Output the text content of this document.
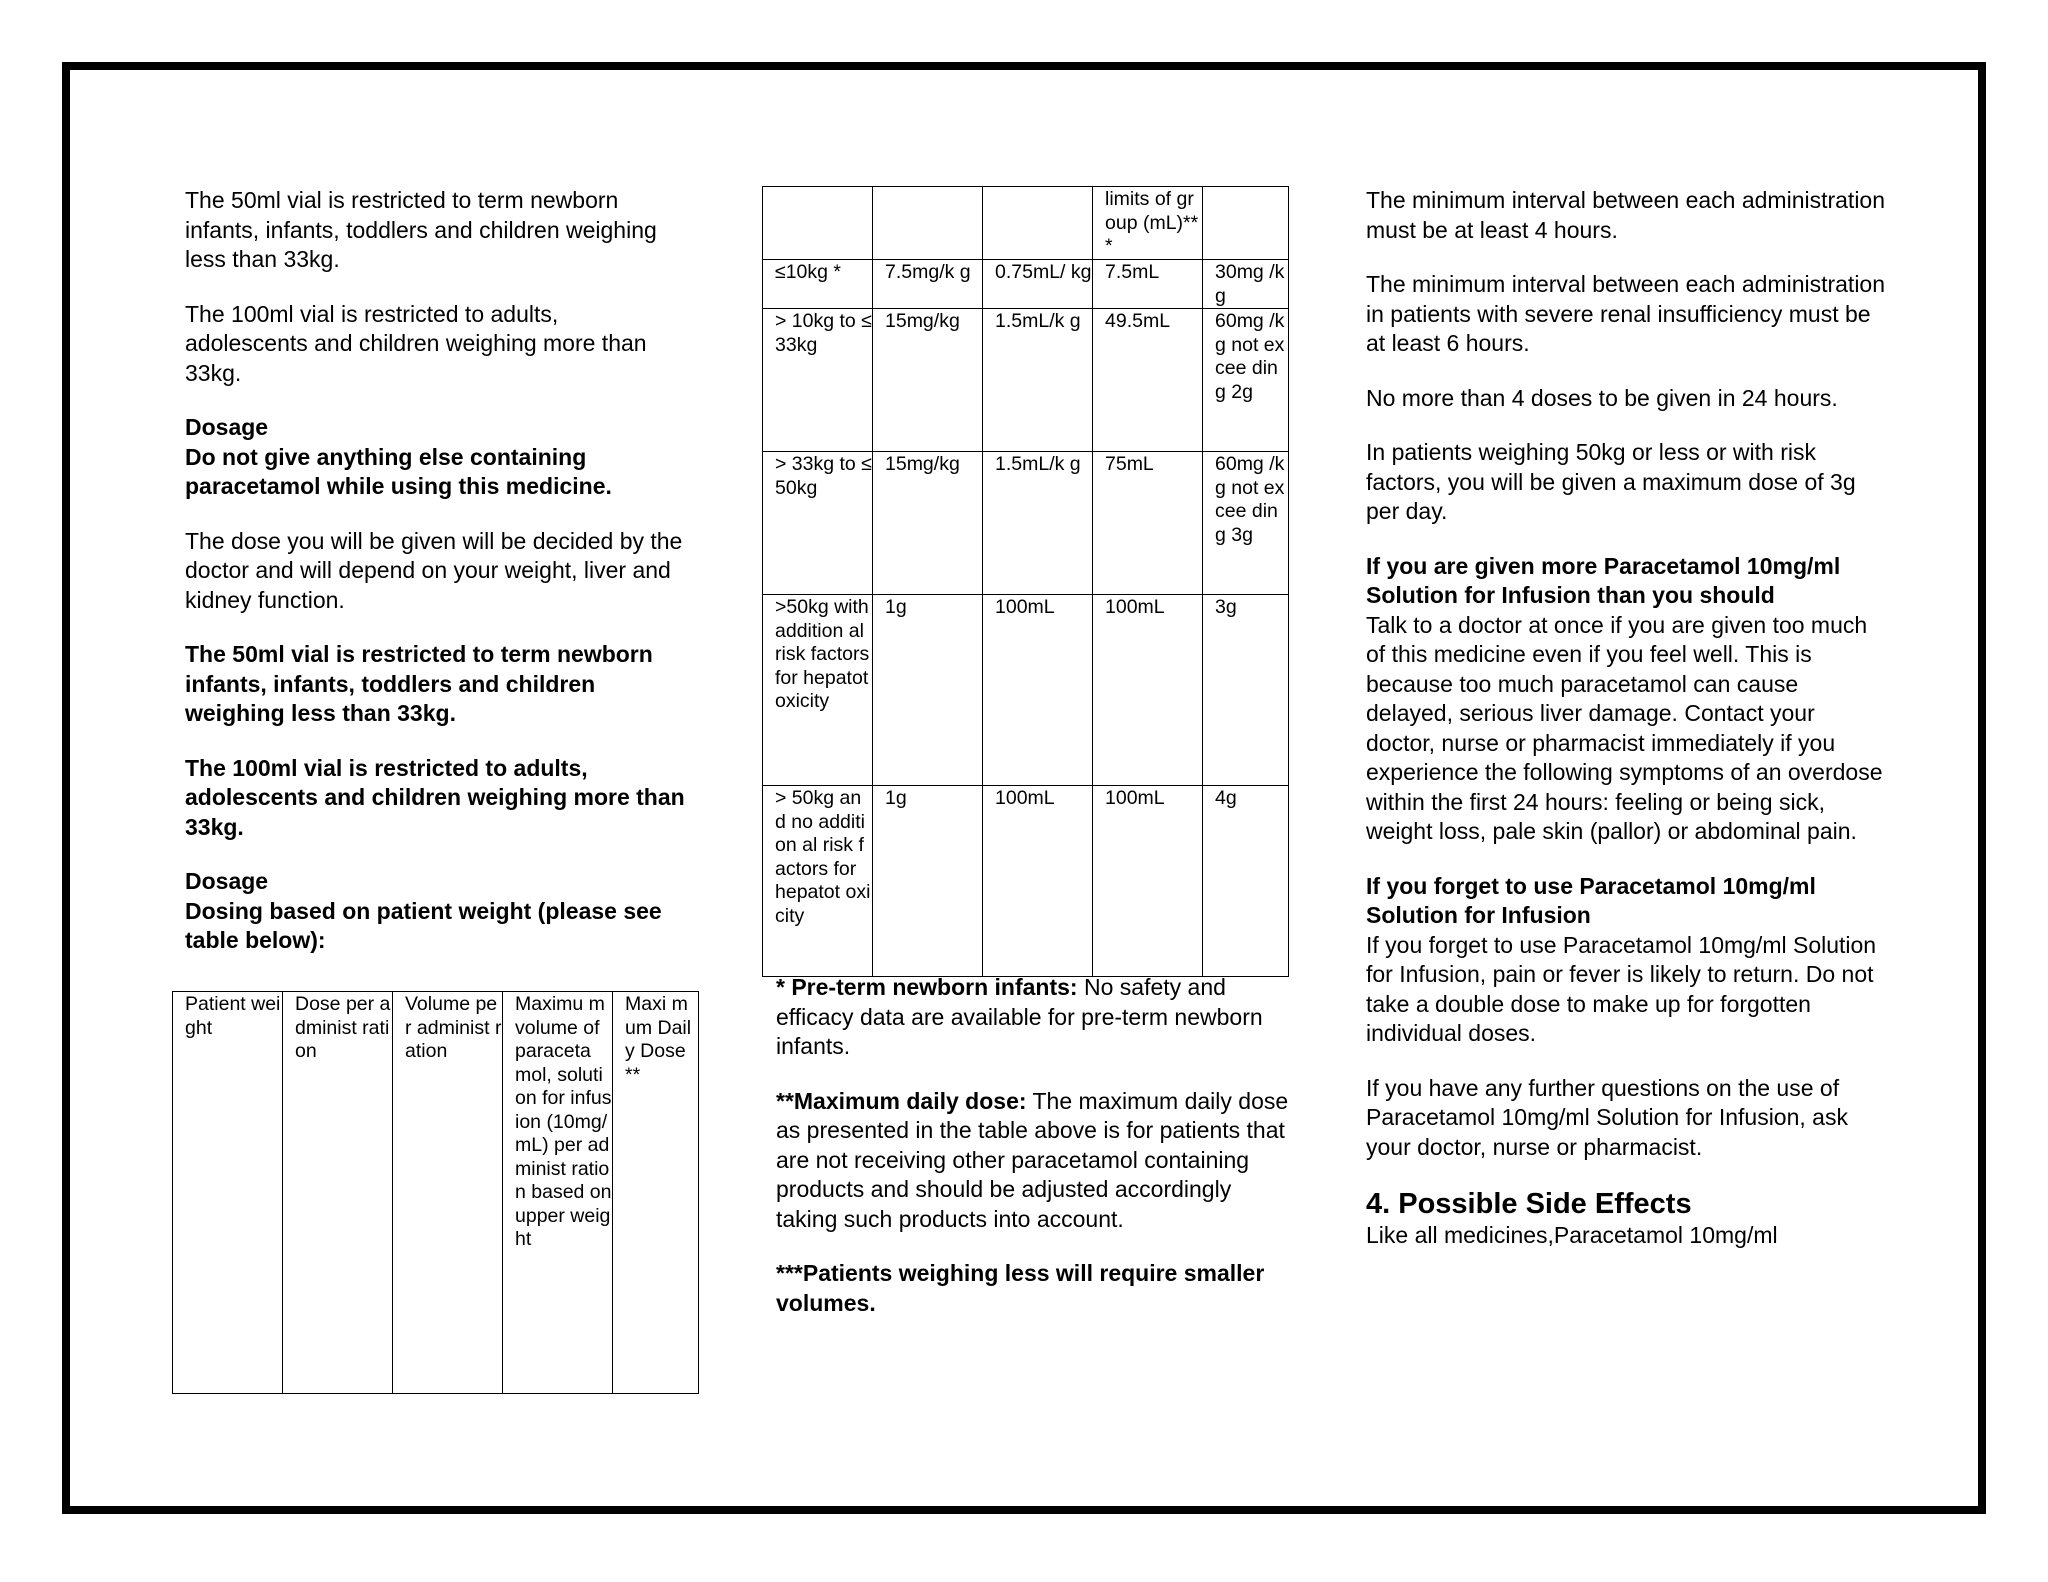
The 50ml vial is restricted to term newborn infants, infants, toddlers and children weighing less than 33kg.

The 100ml vial is restricted to adults, adolescents and children weighing more than 33kg.

Dosage
Do not give anything else containing paracetamol while using this medicine.

The dose you will be given will be decided by the doctor and will depend on your weight, liver and kidney function.

The 50ml vial is restricted to term newborn infants, infants, toddlers and children weighing less than 33kg.

The 100ml vial is restricted to adults, adolescents and children weighing more than 33kg.

Dosage
Dosing based on patient weight (please see table below):

Patient weight	Dose per administ ration	Volume per administ ration	Maximu m volume of paraceta mol, solution for infusion (10mg/ mL) per administ ration based on upper weight	Maxi mum Daily Dose **
			limits of group (mL)***	
≤10kg *	7.5mg/k g	0.75mL/ kg	7.5mL	30mg /kg
> 10kg to ≤33kg	15mg/kg	1.5mL/k g	49.5mL	60mg /kg not excee ding 2g
> 33kg to ≤50kg	15mg/kg	1.5mL/k g	75mL	60mg /kg not excee ding 3g
>50kg with addition al risk factors for hepatot oxicity	1g	100mL	100mL	3g
> 50kg and no addition al risk factors for hepatot oxicity	1g	100mL	100mL	4g

* Pre-term newborn infants: No safety and efficacy data are available for pre-term newborn infants.

**Maximum daily dose: The maximum daily dose as presented in the table above is for patients that are not receiving other paracetamol containing products and should be adjusted accordingly taking such products into account.

***Patients weighing less will require smaller volumes.

The minimum interval between each administration must be at least 4 hours.

The minimum interval between each administration in patients with severe renal insufficiency must be at least 6 hours.

No more than 4 doses to be given in 24 hours.

In patients weighing 50kg or less or with risk factors, you will be given a maximum dose of 3g per day.

If you are given more Paracetamol 10mg/ml Solution for Infusion than you should
Talk to a doctor at once if you are given too much of this medicine even if you feel well. This is because too much paracetamol can cause delayed, serious liver damage. Contact your doctor, nurse or pharmacist immediately if you experience the following symptoms of an overdose within the first 24 hours: feeling or being sick, weight loss, pale skin (pallor) or abdominal pain.

If you forget to use Paracetamol 10mg/ml Solution for Infusion
If you forget to use Paracetamol 10mg/ml Solution for Infusion, pain or fever is likely to return. Do not take a double dose to make up for forgotten individual doses.

If you have any further questions on the use of Paracetamol 10mg/ml Solution for Infusion, ask your doctor, nurse or pharmacist.

4. Possible Side Effects
Like all medicines,Paracetamol 10mg/ml
